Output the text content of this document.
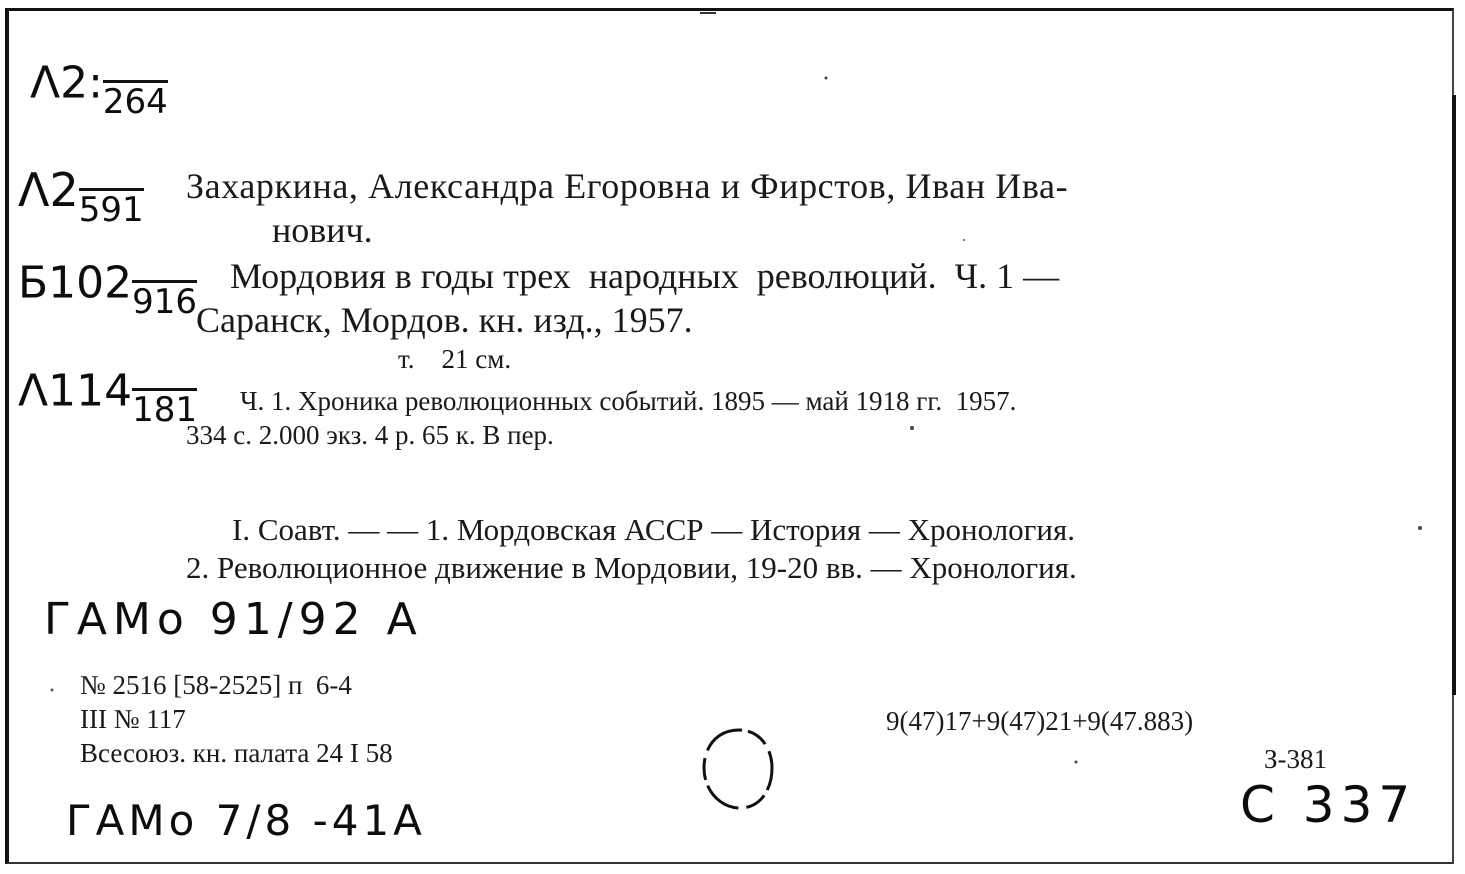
Λ2: 264
Λ2 591
Б102 916
Λ114 181
Захаркина, Александра Егоровна и Фирстов, Иван Ива-
нович.
Мордовия в годы трех  народных  революций.  Ч. 1 —
Саранск, Мордов. кн. изд., 1957.
т.    21 см.
Ч. 1. Хроника революционных событий. 1895 — май 1918 гг.  1957.
334 с. 2.000 экз. 4 р. 65 к. В пер.
I. Соавт. — — 1. Мордовская АССР — История — Хронология.
2. Революционное движение в Мордовии, 19-20 вв. — Хронология.
ГАМо 91/92 А
ГАМо 7/8 -41А	С 337
№ 2516 [58-2525] п  6-4
III № 117
Всесоюз. кн. палата 24 I 58
9(47)17+9(47)21+9(47.883)
З-381
